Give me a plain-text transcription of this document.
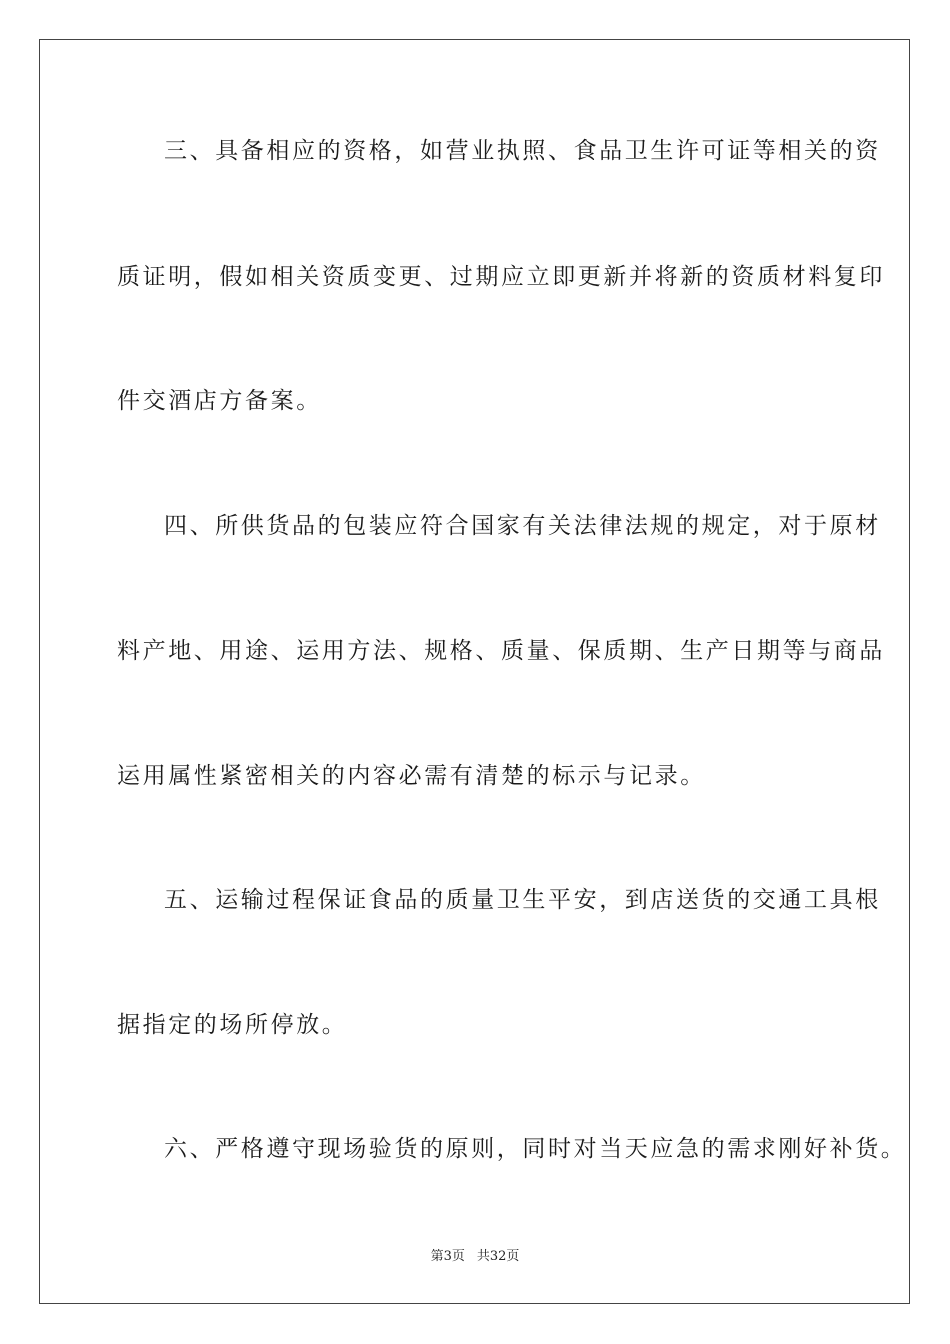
三、具备相应的资格，如营业执照、食品卫生许可证等相关的资

质证明，假如相关资质变更、过期应立即更新并将新的资质材料复印

件交酒店方备案。

四、所供货品的包装应符合国家有关法律法规的规定，对于原材

料产地、用途、运用方法、规格、质量、保质期、生产日期等与商品

运用属性紧密相关的内容必需有清楚的标示与记录。

五、运输过程保证食品的质量卫生平安，到店送货的交通工具根

据指定的场所停放。

六、严格遵守现场验货的原则，同时对当天应急的需求刚好补货。

第3页 共32页
